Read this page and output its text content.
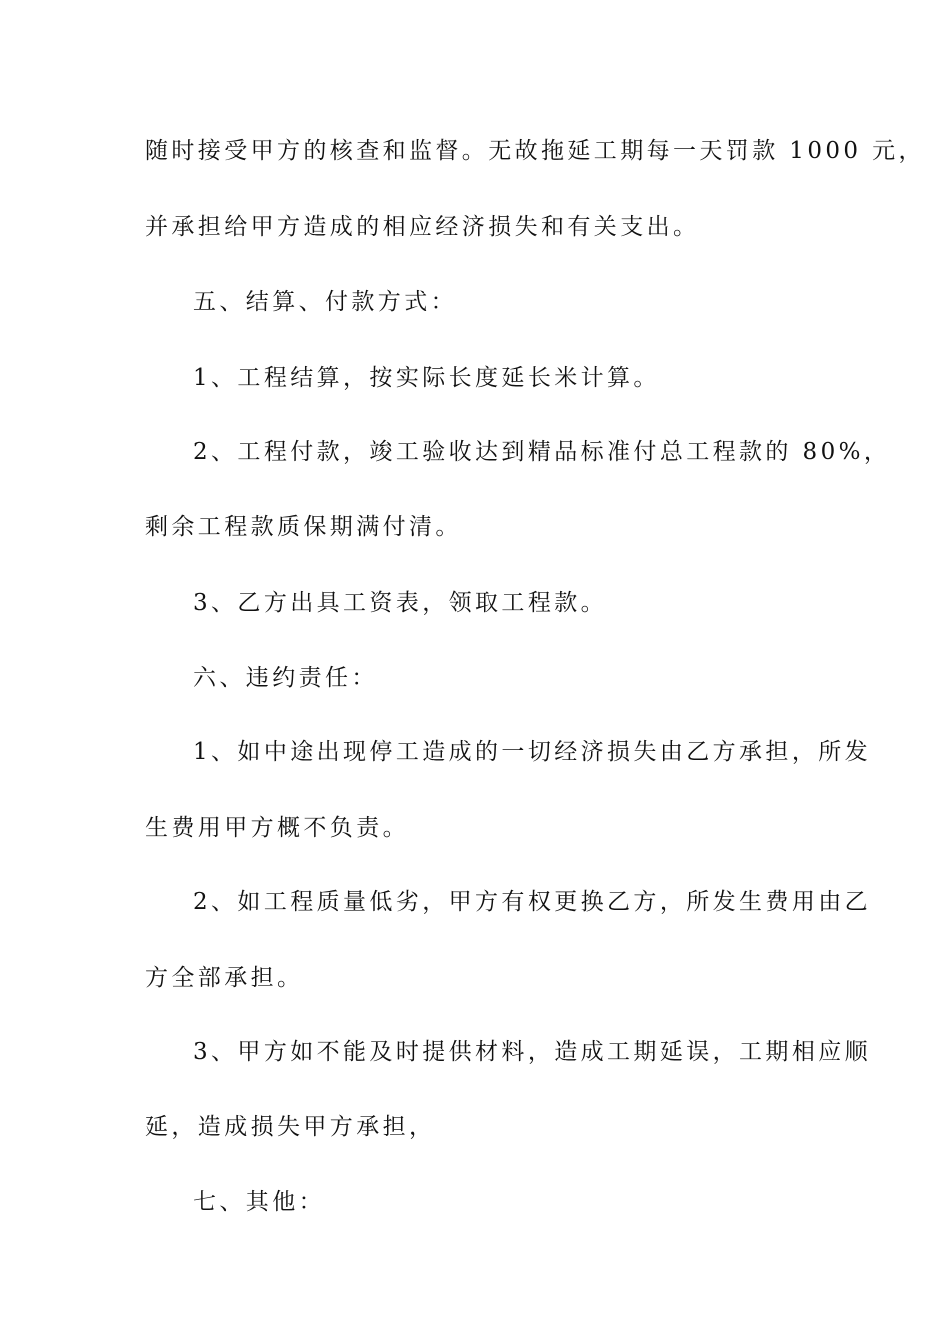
随时接受甲方的核查和监督。无故拖延工期每一天罚款 1000 元，
并承担给甲方造成的相应经济损失和有关支出。
五、结算、付款方式：
1、工程结算，按实际长度延长米计算。
2、工程付款，竣工验收达到精品标准付总工程款的 80%，
剩余工程款质保期满付清。
3、乙方出具工资表，领取工程款。
六、违约责任：
1、如中途出现停工造成的一切经济损失由乙方承担，所发
生费用甲方概不负责。
2、如工程质量低劣，甲方有权更换乙方，所发生费用由乙
方全部承担。
3、甲方如不能及时提供材料，造成工期延误，工期相应顺
延，造成损失甲方承担，
七、其他：
